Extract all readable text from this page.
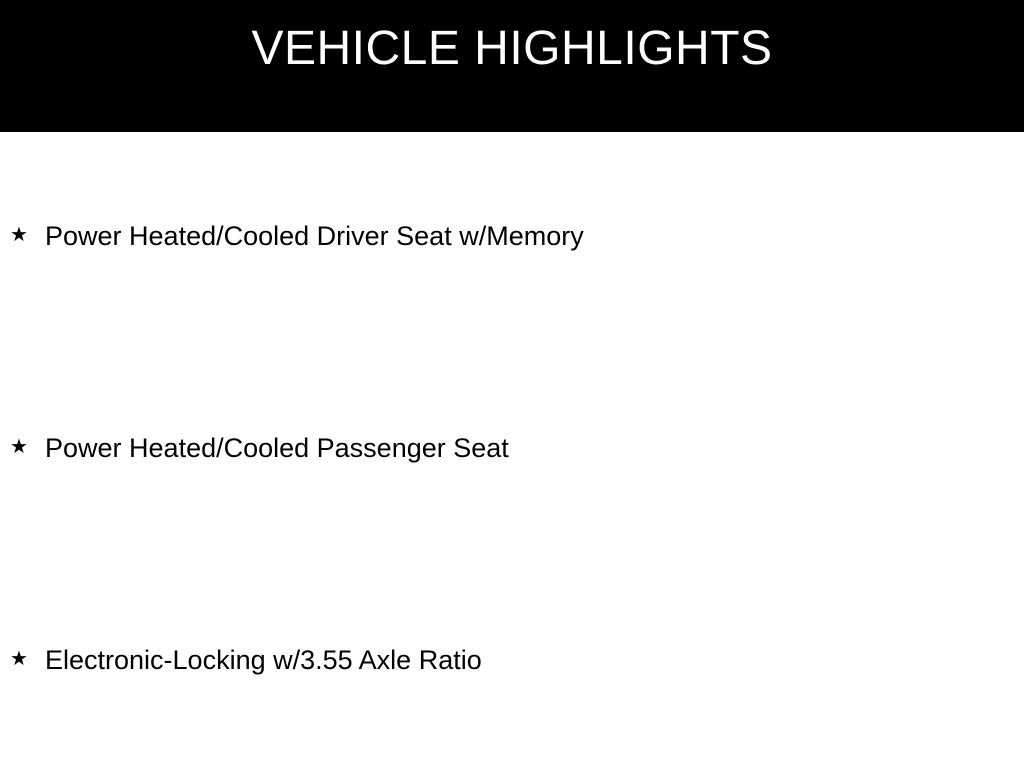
VEHICLE HIGHLIGHTS
★ Power Heated/Cooled Driver Seat w/Memory
★ Power Heated/Cooled Passenger Seat
★ Electronic-Locking w/3.55 Axle Ratio
